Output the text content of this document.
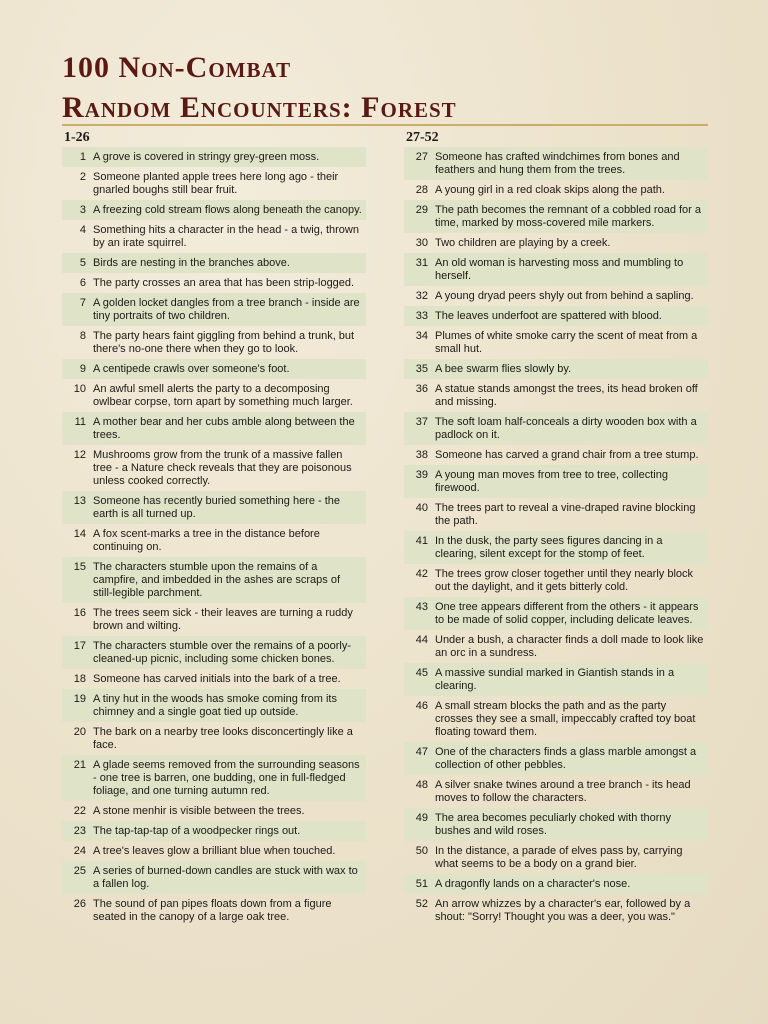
100 Non-Combat
Random Encounters: Forest
1-26
1 A grove is covered in stringy grey-green moss.
2 Someone planted apple trees here long ago - their gnarled boughs still bear fruit.
3 A freezing cold stream flows along beneath the canopy.
4 Something hits a character in the head - a twig, thrown by an irate squirrel.
5 Birds are nesting in the branches above.
6 The party crosses an area that has been strip-logged.
7 A golden locket dangles from a tree branch - inside are tiny portraits of two children.
8 The party hears faint giggling from behind a trunk, but there's no-one there when they go to look.
9 A centipede crawls over someone's foot.
10 An awful smell alerts the party to a decomposing owlbear corpse, torn apart by something much larger.
11 A mother bear and her cubs amble along between the trees.
12 Mushrooms grow from the trunk of a massive fallen tree - a Nature check reveals that they are poisonous unless cooked correctly.
13 Someone has recently buried something here - the earth is all turned up.
14 A fox scent-marks a tree in the distance before continuing on.
15 The characters stumble upon the remains of a campfire, and imbedded in the ashes are scraps of still-legible parchment.
16 The trees seem sick - their leaves are turning a ruddy brown and wilting.
17 The characters stumble over the remains of a poorly-cleaned-up picnic, including some chicken bones.
18 Someone has carved initials into the bark of a tree.
19 A tiny hut in the woods has smoke coming from its chimney and a single goat tied up outside.
20 The bark on a nearby tree looks disconcertingly like a face.
21 A glade seems removed from the surrounding seasons - one tree is barren, one budding, one in full-fledged foliage, and one turning autumn red.
22 A stone menhir is visible between the trees.
23 The tap-tap-tap of a woodpecker rings out.
24 A tree's leaves glow a brilliant blue when touched.
25 A series of burned-down candles are stuck with wax to a fallen log.
26 The sound of pan pipes floats down from a figure seated in the canopy of a large oak tree.
27-52
27 Someone has crafted windchimes from bones and feathers and hung them from the trees.
28 A young girl in a red cloak skips along the path.
29 The path becomes the remnant of a cobbled road for a time, marked by moss-covered mile markers.
30 Two children are playing by a creek.
31 An old woman is harvesting moss and mumbling to herself.
32 A young dryad peers shyly out from behind a sapling.
33 The leaves underfoot are spattered with blood.
34 Plumes of white smoke carry the scent of meat from a small hut.
35 A bee swarm flies slowly by.
36 A statue stands amongst the trees, its head broken off and missing.
37 The soft loam half-conceals a dirty wooden box with a padlock on it.
38 Someone has carved a grand chair from a tree stump.
39 A young man moves from tree to tree, collecting firewood.
40 The trees part to reveal a vine-draped ravine blocking the path.
41 In the dusk, the party sees figures dancing in a clearing, silent except for the stomp of feet.
42 The trees grow closer together until they nearly block out the daylight, and it gets bitterly cold.
43 One tree appears different from the others - it appears to be made of solid copper, including delicate leaves.
44 Under a bush, a character finds a doll made to look like an orc in a sundress.
45 A massive sundial marked in Giantish stands in a clearing.
46 A small stream blocks the path and as the party crosses they see a small, impeccably crafted toy boat floating toward them.
47 One of the characters finds a glass marble amongst a collection of other pebbles.
48 A silver snake twines around a tree branch - its head moves to follow the characters.
49 The area becomes peculiarly choked with thorny bushes and wild roses.
50 In the distance, a parade of elves pass by, carrying what seems to be a body on a grand bier.
51 A dragonfly lands on a character's nose.
52 An arrow whizzes by a character's ear, followed by a shout: "Sorry! Thought you was a deer, you was."
